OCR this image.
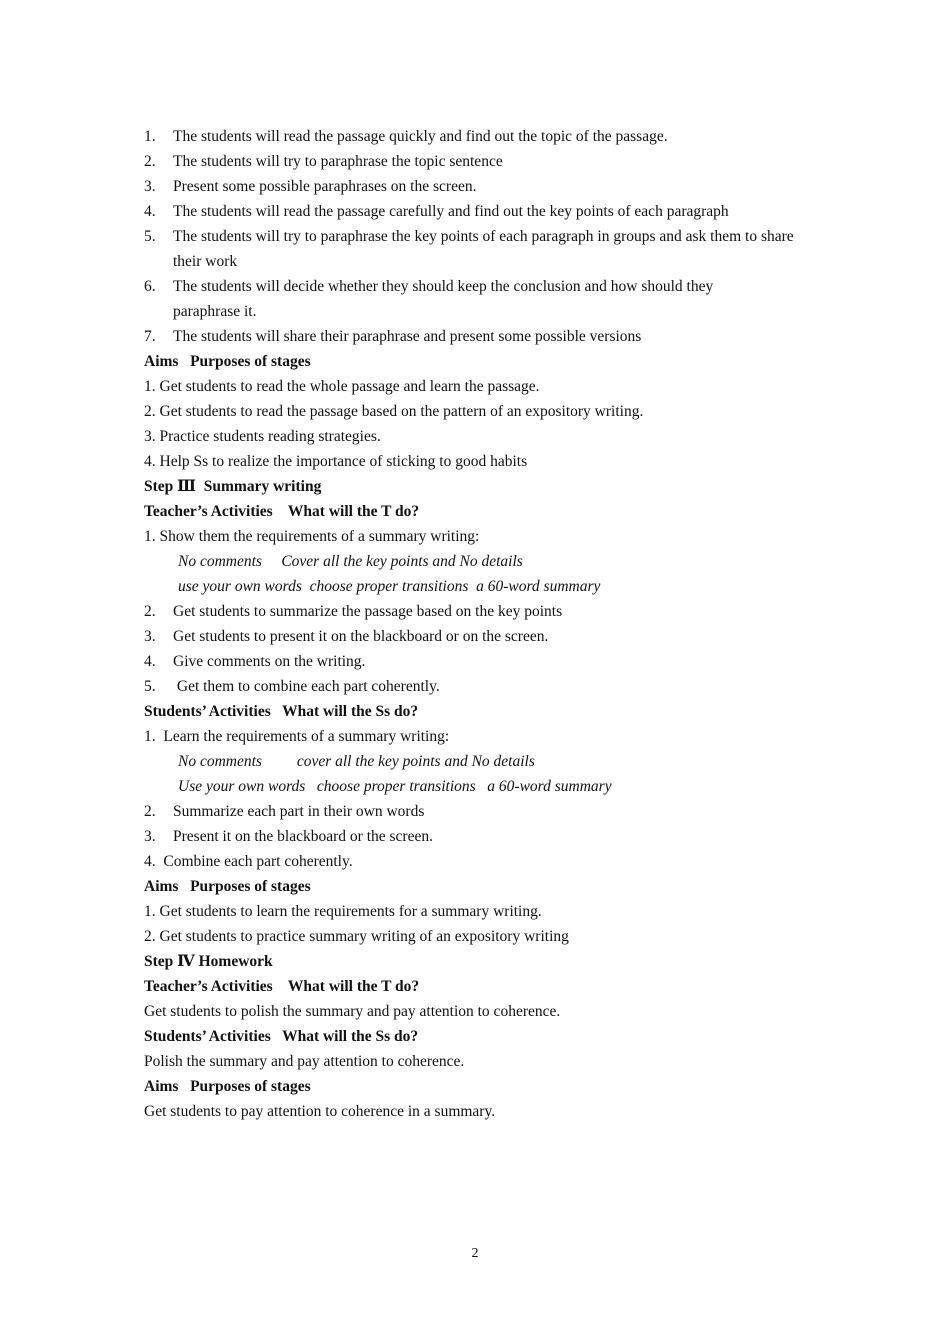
1.	The students will read the passage quickly and find out the topic of the passage.
2.	The students will try to paraphrase the topic sentence
3.	Present some possible paraphrases on the screen.
4.	The students will read the passage carefully and find out the key points of each paragraph
5.	The students will try to paraphrase the key points of each paragraph in groups and ask them to share their work
6.	The students will decide whether they should keep the conclusion and how should they paraphrase it.
7.	The students will share their paraphrase and present some possible versions
Aims   Purposes of stages
1. Get students to read the whole passage and learn the passage.
2. Get students to read the passage based on the pattern of an expository writing.
3. Practice students reading strategies.
4. Help Ss to realize the importance of sticking to good habits
Step Ⅲ  Summary writing
Teacher’s Activities    What will the T do?
1. Show them the requirements of a summary writing:
No comments     Cover all the key points and No details
use your own words  choose proper transitions  a 60-word summary
2.	Get students to summarize the passage based on the key points
3.	Get students to present it on the blackboard or on the screen.
4.	Give comments on the writing.
5.	Get them to combine each part coherently.
Students’ Activities   What will the Ss do?
1.  Learn the requirements of a summary writing:
No comments         cover all the key points and No details
Use your own words   choose proper transitions   a 60-word summary
2.	Summarize each part in their own words
3.	Present it on the blackboard or the screen.
4.  Combine each part coherently.
Aims   Purposes of stages
1. Get students to learn the requirements for a summary writing.
2. Get students to practice summary writing of an expository writing
Step Ⅳ Homework
Teacher’s Activities    What will the T do?
Get students to polish the summary and pay attention to coherence.
Students’ Activities   What will the Ss do?
Polish the summary and pay attention to coherence.
Aims   Purposes of stages
Get students to pay attention to coherence in a summary.
2
